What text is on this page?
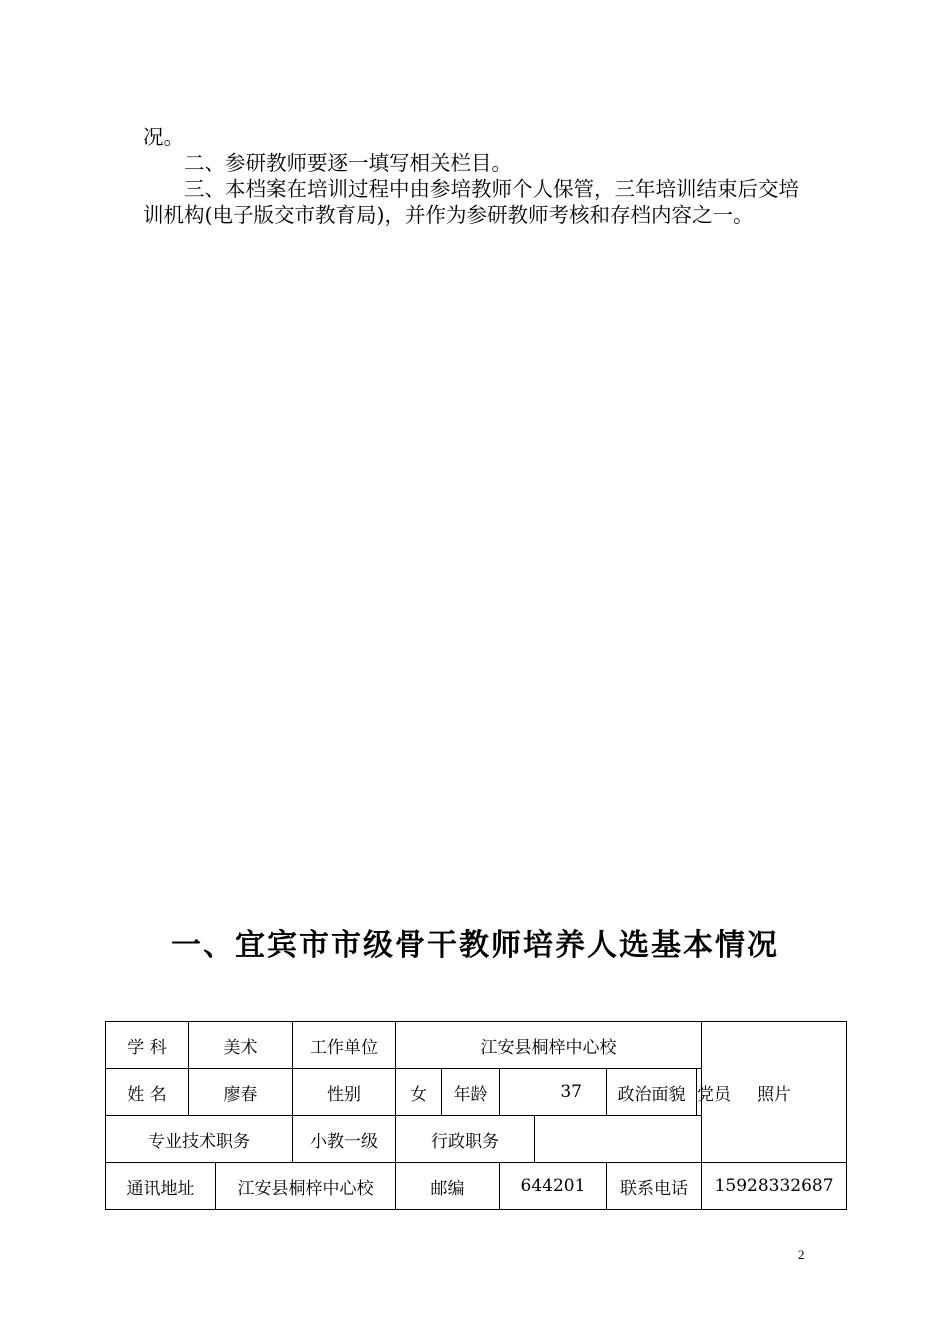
况。

二、参研教师要逐一填写相关栏目。

三、本档案在培训过程中由参培教师个人保管，三年培训结束后交培训机构(电子版交市教育局)，并作为参研教师考核和存档内容之一。

一、宜宾市市级骨干教师培养人选基本情况
学 科	美术		工作单位	江安县桐梓中心校						照片
姓 名	廖春		性别	女	年龄	37		政治面貌	党员	
专业技术职务			小教一级	行政职务						
通讯地址		江安县桐梓中心校		邮编		644201		联系电话		15928332687
2
